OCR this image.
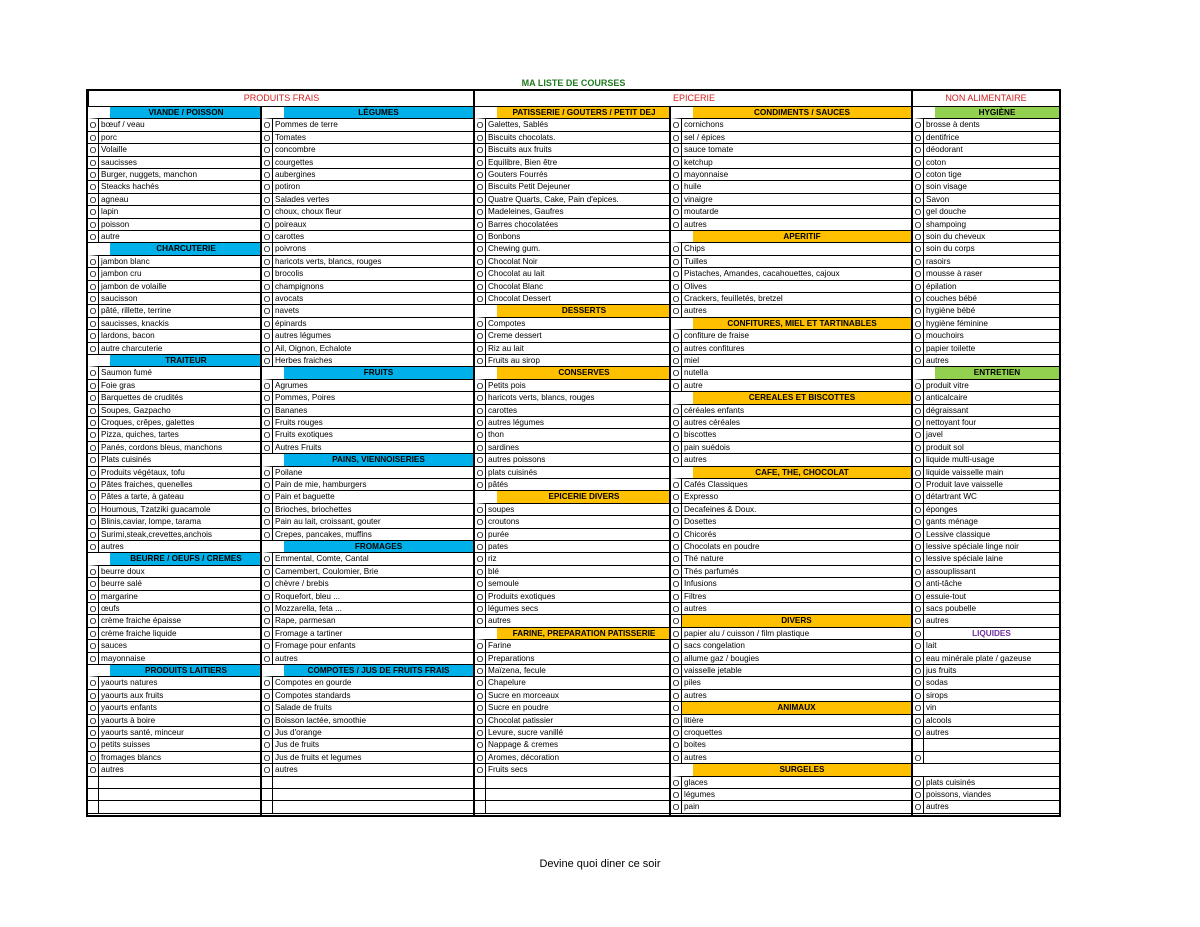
MA LISTE DE COURSES
PRODUITS FRAIS	EPICERIE	NON ALIMENTAIRE
VIANDE / POISSON
O bœuf / veau
O porc
O Volaille
O saucisses
O Burger, nuggets, manchon
O Steacks hachés
O agneau
O lapin
O poisson
O autre
CHARCUTERIE
O jambon blanc
O jambon cru
O jambon de volaille
O saucisson
O pâté, rillette, terrine
O saucisses, knackis
O lardons, bacon
O autre charcuterie
TRAITEUR
O Saumon fumé
O Foie gras
O Barquettes de crudités
O Soupes, Gazpacho
O Croques, crêpes, galettes
O Pizza, quiches, tartes
O Panés, cordons bleus, manchons
O Plats cuisinés
O Produits végétaux, tofu
O Pâtes fraiches, quenelles
O Pâtes a tarte, à gateau
O Houmous, Tzatziki guacamole
O Blinis,caviar, lompe, tarama
O Surimi,steak,crevettes,anchois
O autres
BEURRE / OEUFS / CREMES
O beurre doux
O beurre salé
O margarine
O œufs
O crème fraiche épaisse
O crème fraiche liquide
O sauces
O mayonnaise
PRODUITS LAITIERS
O yaourts natures
O yaourts aux fruits
O yaourts enfants
O yaourts à boire
O yaourts santé, minceur
O petits suisses
O fromages blancs
O autres
LÉGUMES
O Pommes de terre
O Tomates
O concombre
O courgettes
O aubergines
O potiron
O Salades vertes
O choux, choux fleur
O poireaux
O carottes
O poivrons
O haricots verts, blancs, rouges
O brocolis
O champignons
O avocats
O navets
O épinards
O autres légumes
O Ail, Oignon, Echalote
O Herbes fraiches
FRUITS
O Agrumes
O Pommes, Poires
O Bananes
O Fruits rouges
O Fruits exotiques
O Autres Fruits
PAINS, VIENNOISERIES
O Poilane
O Pain de mie, hamburgers
O Pain et baguette
O Brioches, briochettes
O Pain au lait, croissant, gouter
O Crepes, pancakes, muffins
FROMAGES
O Emmental, Comte, Cantal
O Camembert, Coulomier, Brie
O chèvre / brebis
O Roquefort, bleu ...
O Mozzarella, feta ...
O Rape, parmesan
O Fromage a tartiner
O Fromage pour enfants
O autres
COMPOTES / JUS DE FRUITS FRAIS
O Compotes en gourde
O Compotes standards
O Salade de fruits
O Boisson lactée, smoothie
O Jus d'orange
O Jus de fruits
O Jus de fruits et legumes
O autres
PATISSERIE / GOUTERS / PETIT DEJ
O Galettes, Sablés
O Biscuits chocolats.
O Biscuits aux fruits
O Equilibre, Bien être
O Gouters Fourrés
O Biscuits Petit Dejeuner
O Quatre Quarts, Cake, Pain d'epices.
O Madeleines, Gaufres
O Barres chocolatées
O Bonbons
O Chewing gum.
O Chocolat Noir
O Chocolat au lait
O Chocolat Blanc
O Chocolat Dessert
DESSERTS
O Compotes
O Creme dessert
O Riz au lait
O Fruits au sirop
CONSERVES
O Petits pois
O haricots verts, blancs, rouges
O carottes
O autres légumes
O thon
O sardines
O autres poissons
O plats cuisinés
O pâtés
EPICERIE DIVERS
O soupes
O croutons
O purée
O pates
O riz
O blé
O semoule
O Produits exotiques
O légumes secs
O autres
FARINE, PREPARATION PATISSERIE
O Farine
O Preparations
O Maïzena, fecule
O Chapelure
O Sucre en morceaux
O Sucre en poudre
O Chocolat patissier
O Levure, sucre vanillé
O Nappage & cremes
O Aromes, décoration
O Fruits secs
CONDIMENTS / SAUCES
O cornichons
O sel / épices
O sauce tomate
O ketchup
O mayonnaise
O huile
O vinaigre
O moutarde
O autres
APERITIF
O Chips
O Tuilles
O Pistaches, Amandes, cacahouettes, cajoux
O Olives
O Crackers, feuilletés, bretzel
O autres
CONFITURES, MIEL ET TARTINABLES
O confiture de fraise
O autres confitures
O miel
O nutella
O autre
CEREALES ET BISCOTTES
O céréales enfants
O autres céréales
O biscottes
O pain suédois
O autres
CAFE, THE, CHOCOLAT
O Cafés Classiques
O Expresso
O Decafeines & Doux.
O Dosettes
O Chicorés
O Chocolats en poudre
O Thé nature
O Thés parfumés
O Infusions
O Filtres
O autres
O	DIVERS
O papier alu / cuisson / film plastique
O sacs congelation
O allume gaz / bougies
O vaisselle jetable
O piles
O autres
O	ANIMAUX
O litière
O croquettes
O boites
O autres
SURGELES
O glaces
O légumes
O pain
HYGIÈNE
O brosse à dents
O dentifrice
O déodorant
O coton
O coton tige
O soin visage
O Savon
O gel douche
O shampoing
O soin du cheveux
O soin du corps
O rasoirs
O mousse à raser
O épilation
O couches bébé
O hygiène bébé
O hygiène féminine
O mouchoirs
O papier toilette
O autres
ENTRETIEN
O produit vitre
O anticalcaire
O dégraissant
O nettoyant four
O javel
O produit sol
O liquide multi-usage
O liquide vaisselle main
O Produit lave vaisselle
O détartrant WC
O éponges
O gants ménage
O Lessive classique
O lessive spéciale linge noir
O lessive spéciale laine
O assouplissant
O anti-tâche
O essuie-tout
O sacs poubelle
O autres
O	LIQUIDES
O lait
O eau minérale plate / gazeuse
O jus fruits
O sodas
O sirops
O vin
O alcools
O autres
O
O plats cuisinés
O poissons, viandes
O autres
Devine quoi diner ce soir
